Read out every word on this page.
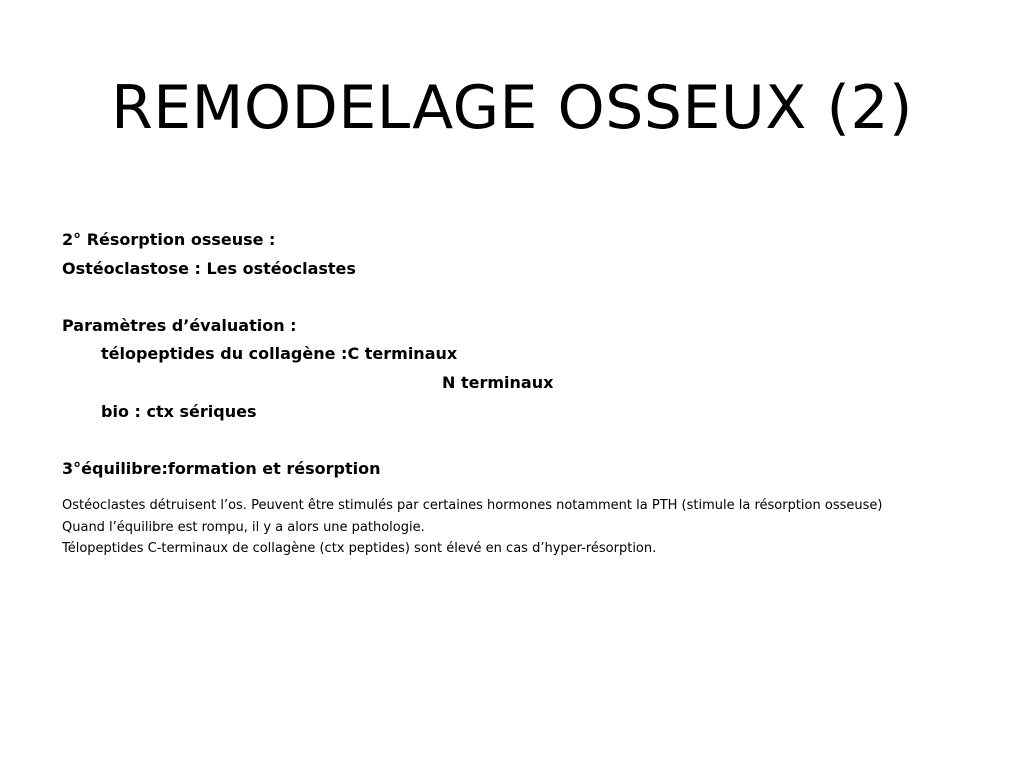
REMODELAGE OSSEUX (2)
2° Résorption osseuse :
Ostéoclastose : Les ostéoclastes
Paramètres d’évaluation :
télopeptides du collagène :C terminaux
N terminaux
bio : ctx sériques
3°équilibre:formation et résorption
Ostéoclastes détruisent l’os. Peuvent être stimulés par certaines hormones notamment la PTH (stimule la résorption osseuse)
Quand l’équilibre est rompu, il y a alors une pathologie.
Télopeptides C-terminaux de collagène (ctx peptides) sont élevé en cas d’hyper-résorption.
